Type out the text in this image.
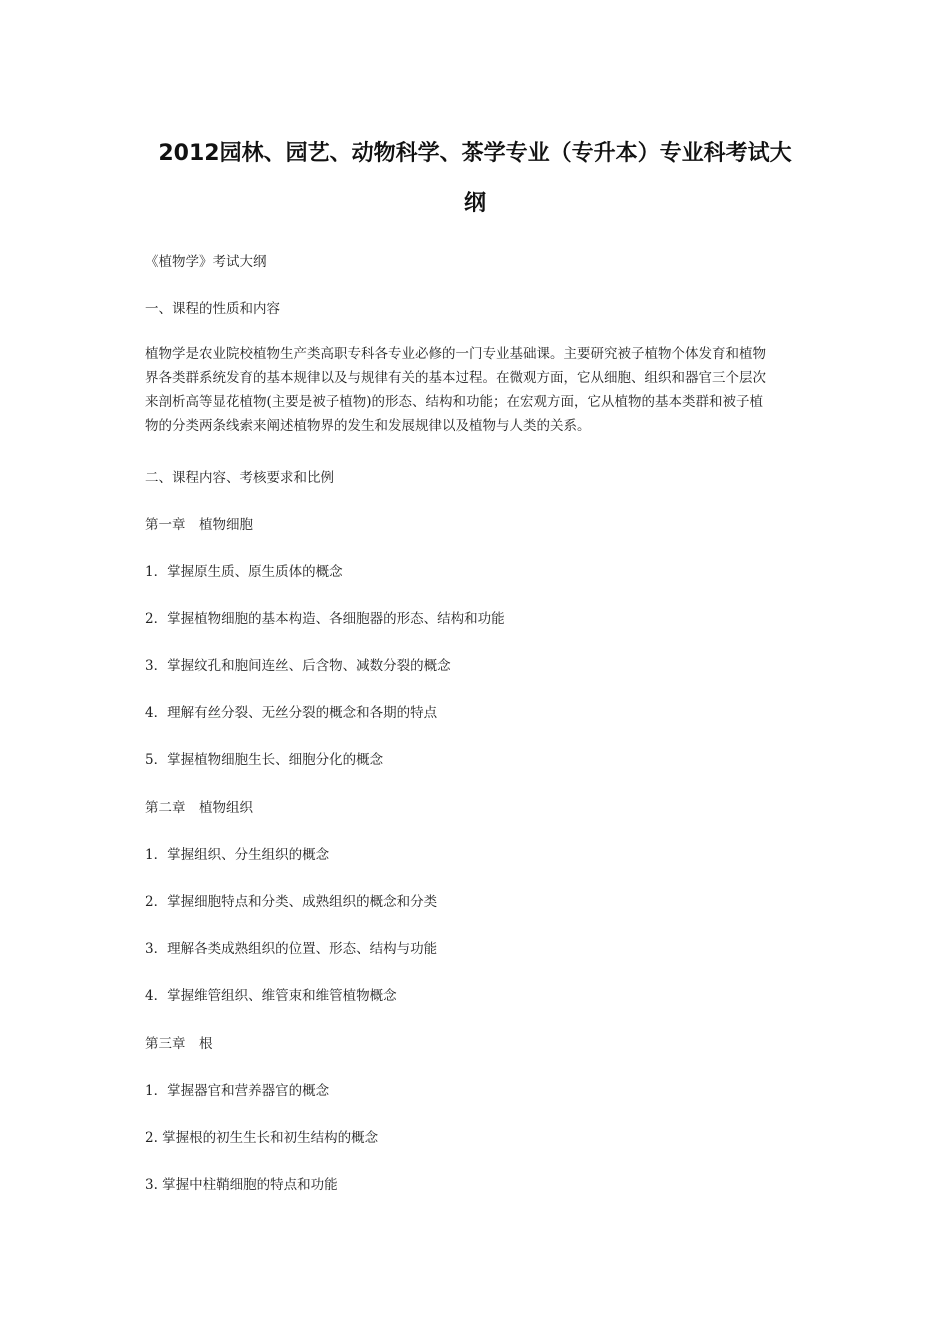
2012园林、园艺、动物科学、茶学专业（专升本）专业科考试大
纲
《植物学》考试大纲
一、课程的性质和内容
植物学是农业院校植物生产类高职专科各专业必修的一门专业基础课。主要研究被子植物个体发育和植物
界各类群系统发育的基本规律以及与规律有关的基本过程。在微观方面，它从细胞、组织和器官三个层次
来剖析高等显花植物(主要是被子植物)的形态、结构和功能；在宏观方面，它从植物的基本类群和被子植
物的分类两条线索来阐述植物界的发生和发展规律以及植物与人类的关系。
二、课程内容、考核要求和比例
第一章　植物细胞
1．掌握原生质、原生质体的概念
2．掌握植物细胞的基本构造、各细胞器的形态、结构和功能
3．掌握纹孔和胞间连丝、后含物、减数分裂的概念
4．理解有丝分裂、无丝分裂的概念和各期的特点
5．掌握植物细胞生长、细胞分化的概念
第二章　植物组织
1．掌握组织、分生组织的概念
2．掌握细胞特点和分类、成熟组织的概念和分类
3．理解各类成熟组织的位置、形态、结构与功能
4．掌握维管组织、维管束和维管植物概念
第三章　根
1．掌握器官和营养器官的概念
2. 掌握根的初生生长和初生结构的概念
3. 掌握中柱鞘细胞的特点和功能
